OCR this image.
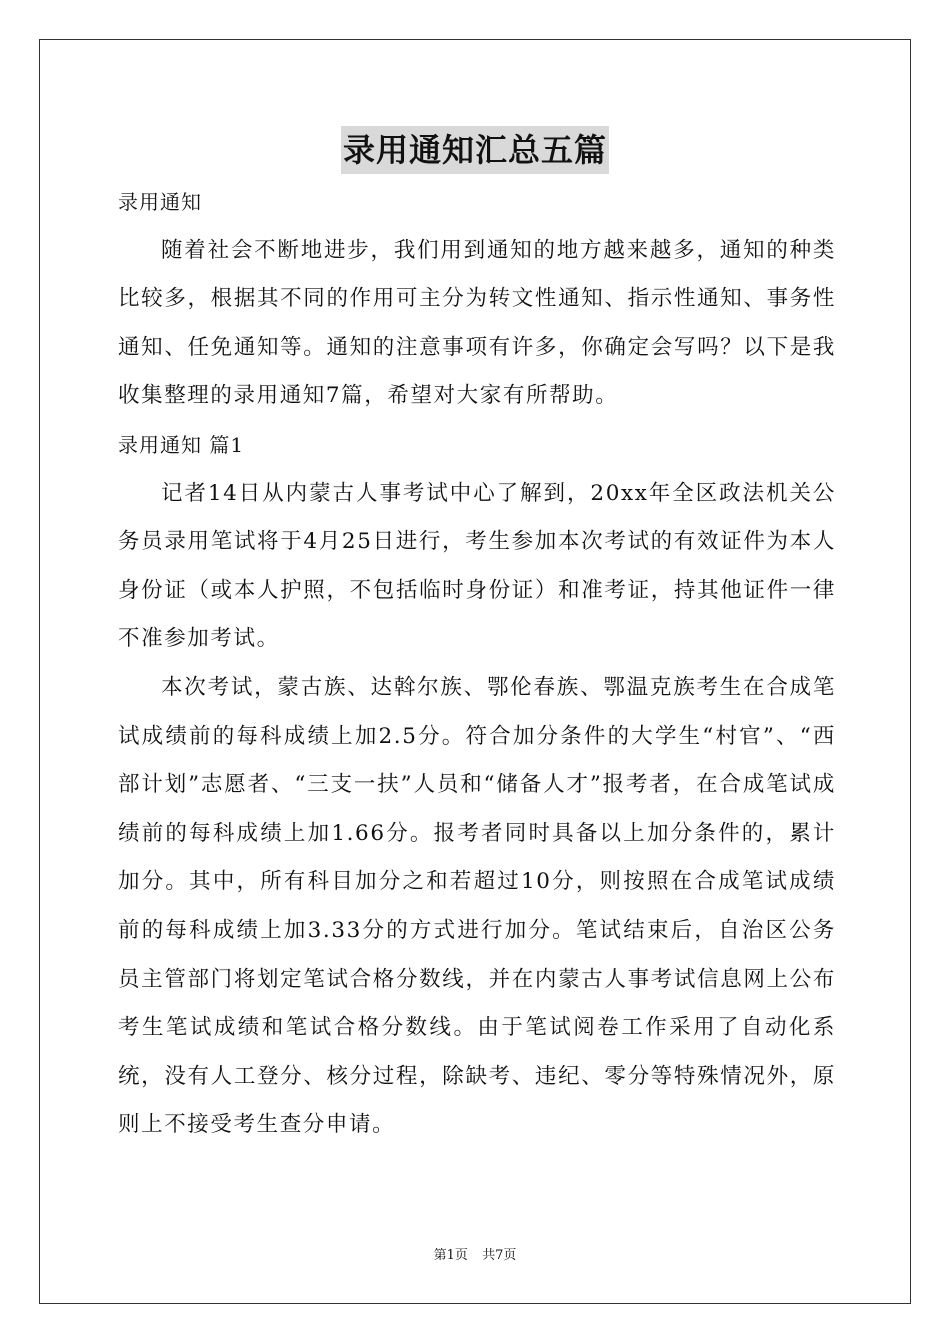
录用通知汇总五篇

录用通知

随着社会不断地进步，我们用到通知的地方越来越多，通知的种类比较多，根据其不同的作用可主分为转文性通知、指示性通知、事务性通知、任免通知等。通知的注意事项有许多，你确定会写吗？以下是我收集整理的录用通知7篇，希望对大家有所帮助。

录用通知 篇1

记者14日从内蒙古人事考试中心了解到，20xx年全区政法机关公务员录用笔试将于4月25日进行，考生参加本次考试的有效证件为本人身份证（或本人护照，不包括临时身份证）和准考证，持其他证件一律不准参加考试。

本次考试，蒙古族、达斡尔族、鄂伦春族、鄂温克族考生在合成笔试成绩前的每科成绩上加2.5分。符合加分条件的大学生“村官”、“西部计划”志愿者、“三支一扶”人员和“储备人才”报考者，在合成笔试成绩前的每科成绩上加1.66分。报考者同时具备以上加分条件的，累计加分。其中，所有科目加分之和若超过10分，则按照在合成笔试成绩前的每科成绩上加3.33分的方式进行加分。笔试结束后，自治区公务员主管部门将划定笔试合格分数线，并在内蒙古人事考试信息网上公布考生笔试成绩和笔试合格分数线。由于笔试阅卷工作采用了自动化系统，没有人工登分、核分过程，除缺考、违纪、零分等特殊情况外，原则上不接受考生查分申请。

第1页 共7页
